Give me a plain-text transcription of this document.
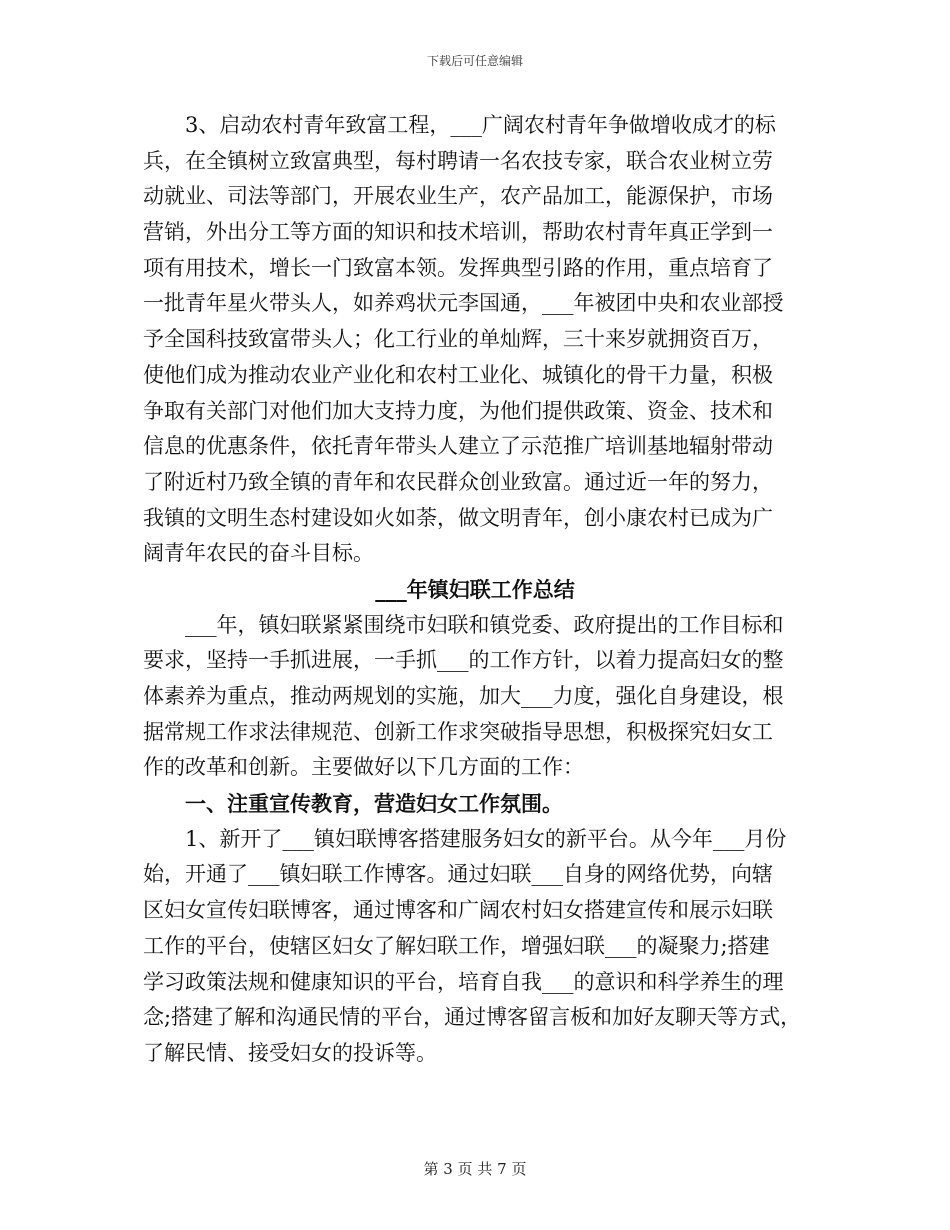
下载后可任意编辑
3、启动农村青年致富工程，___广阔农村青年争做增收成才的标
兵，在全镇树立致富典型，每村聘请一名农技专家，联合农业树立劳
动就业、司法等部门，开展农业生产，农产品加工，能源保护，市场
营销，外出分工等方面的知识和技术培训，帮助农村青年真正学到一
项有用技术，增长一门致富本领。发挥典型引路的作用，重点培育了
一批青年星火带头人，如养鸡状元李国通，___年被团中央和农业部授
予全国科技致富带头人；化工行业的单灿辉，三十来岁就拥资百万，
使他们成为推动农业产业化和农村工业化、城镇化的骨干力量，积极
争取有关部门对他们加大支持力度，为他们提供政策、资金、技术和
信息的优惠条件，依托青年带头人建立了示范推广培训基地辐射带动
了附近村乃致全镇的青年和农民群众创业致富。通过近一年的努力，
我镇的文明生态村建设如火如荼，做文明青年，创小康农村已成为广
阔青年农民的奋斗目标。
___年镇妇联工作总结
___年，镇妇联紧紧围绕市妇联和镇党委、政府提出的工作目标和
要求，坚持一手抓进展，一手抓___的工作方针，以着力提高妇女的整
体素养为重点，推动两规划的实施，加大___力度，强化自身建设，根
据常规工作求法律规范、创新工作求突破指导思想，积极探究妇女工
作的改革和创新。主要做好以下几方面的工作：
一、注重宣传教育，营造妇女工作氛围。
1、新开了___镇妇联博客搭建服务妇女的新平台。从今年___月份
始，开通了___镇妇联工作博客。通过妇联___自身的网络优势，向辖
区妇女宣传妇联博客，通过博客和广阔农村妇女搭建宣传和展示妇联
工作的平台，使辖区妇女了解妇联工作，增强妇联___的凝聚力;搭建
学习政策法规和健康知识的平台，培育自我___的意识和科学养生的理
念;搭建了解和沟通民情的平台，通过博客留言板和加好友聊天等方式，
了解民情、接受妇女的投诉等。
第 3 页 共 7 页
